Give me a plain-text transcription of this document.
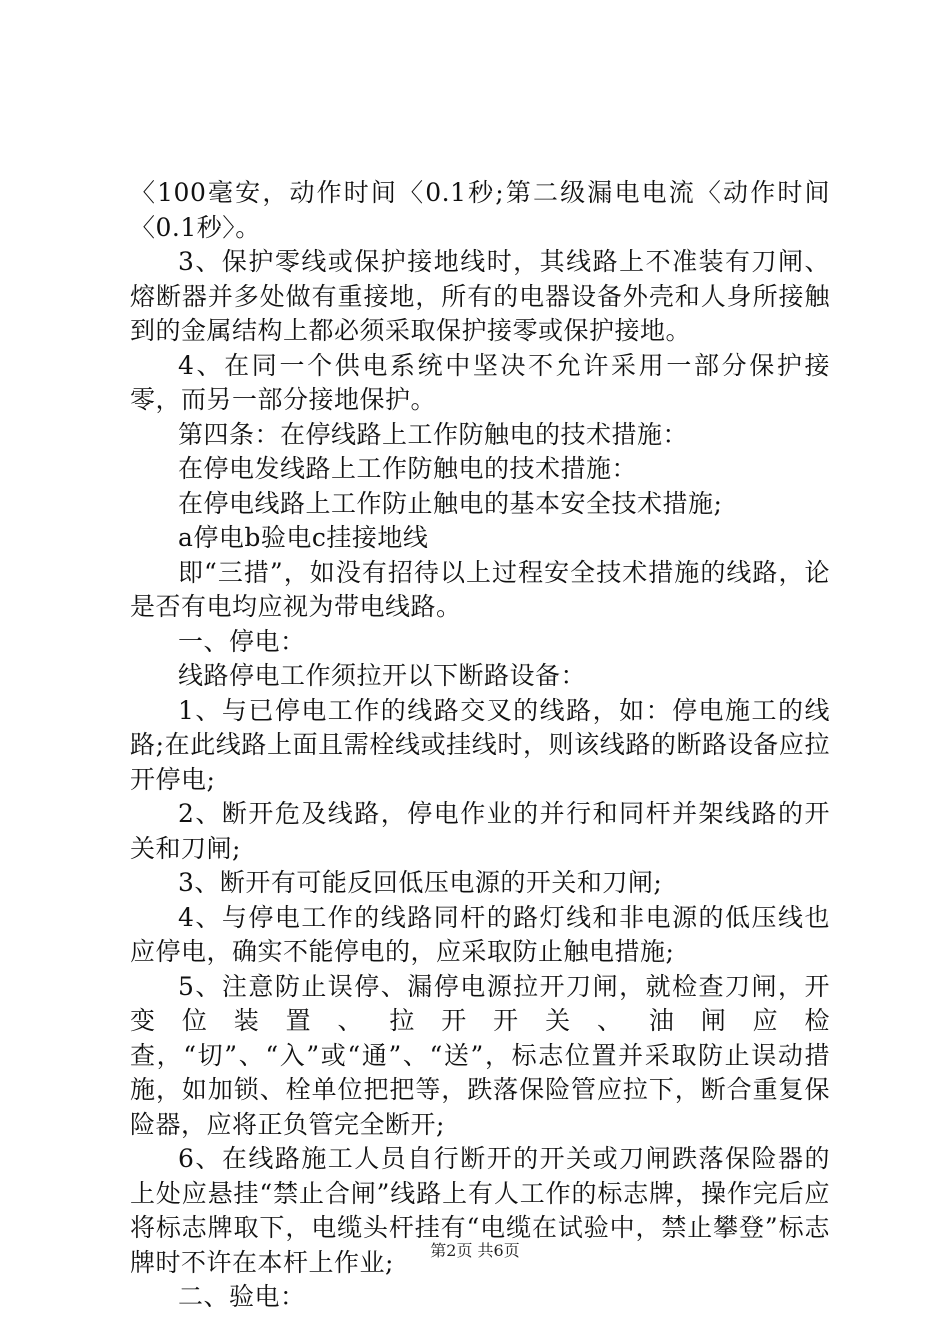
〈100毫安，动作时间〈0.1秒;第二级漏电电流〈动作时间〈0.1秒〉。

3、保护零线或保护接地线时，其线路上不准装有刀闸、熔断器并多处做有重接地，所有的电器设备外壳和人身所接触到的金属结构上都必须采取保护接零或保护接地。

4、在同一个供电系统中坚决不允许采用一部分保护接零，而另一部分接地保护。

第四条：在停线路上工作防触电的技术措施：

在停电发线路上工作防触电的技术措施：

在停电线路上工作防止触电的基本安全技术措施;

a停电b验电c挂接地线

即“三措”，如没有招待以上过程安全技术措施的线路，论是否有电均应视为带电线路。

一、停电：

线路停电工作须拉开以下断路设备：

1、与已停电工作的线路交叉的线路，如：停电施工的线路;在此线路上面且需栓线或挂线时，则该线路的断路设备应拉开停电;

2、断开危及线路，停电作业的并行和同杆并架线路的开关和刀闸;

3、断开有可能反回低压电源的开关和刀闸;

4、与停电工作的线路同杆的路灯线和非电源的低压线也应停电，确实不能停电的，应采取防止触电措施;

5、注意防止误停、漏停电源拉开刀闸，就检查刀闸，开变位装置、拉开开关、油闸应检查，“切”、“入”或“通”、“送”，标志位置并采取防止误动措施，如加锁、栓单位把把等，跌落保险管应拉下，断合重复保险器，应将正负管完全断开;

6、在线路施工人员自行断开的开关或刀闸跌落保险器的上处应悬挂“禁止合闸”线路上有人工作的标志牌，操作完后应将标志牌取下，电缆头杆挂有“电缆在试验中，禁止攀登”标志牌时不许在本杆上作业;

二、验电：

第2页 共6页
